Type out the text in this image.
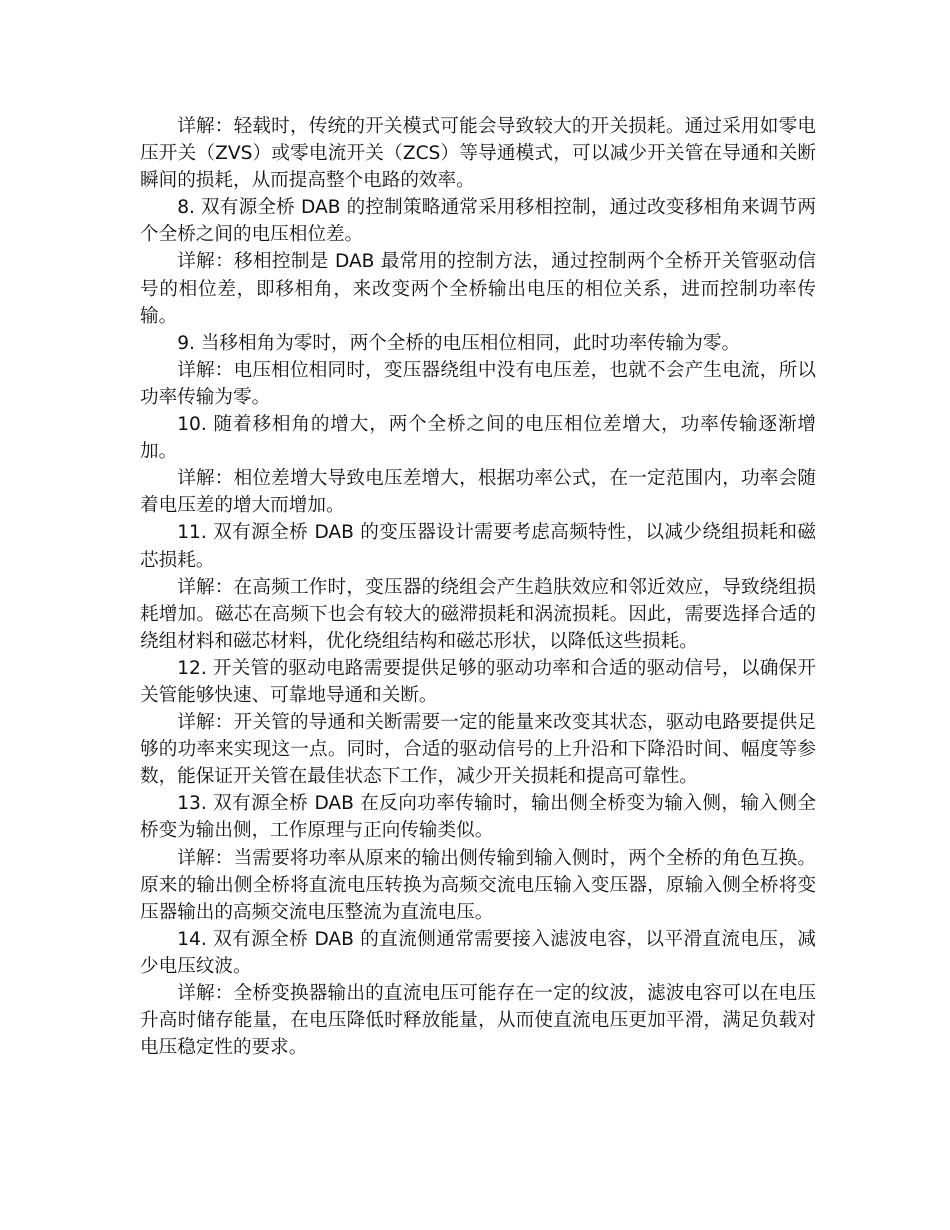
详解：轻载时，传统的开关模式可能会导致较大的开关损耗。通过采用如零电压开关（ZVS）或零电流开关（ZCS）等导通模式，可以减少开关管在导通和关断瞬间的损耗，从而提高整个电路的效率。

8. 双有源全桥 DAB 的控制策略通常采用移相控制，通过改变移相角来调节两个全桥之间的电压相位差。

详解：移相控制是 DAB 最常用的控制方法，通过控制两个全桥开关管驱动信号的相位差，即移相角，来改变两个全桥输出电压的相位关系，进而控制功率传输。

9. 当移相角为零时，两个全桥的电压相位相同，此时功率传输为零。

详解：电压相位相同时，变压器绕组中没有电压差，也就不会产生电流，所以功率传输为零。

10. 随着移相角的增大，两个全桥之间的电压相位差增大，功率传输逐渐增加。

详解：相位差增大导致电压差增大，根据功率公式，在一定范围内，功率会随着电压差的增大而增加。

11. 双有源全桥 DAB 的变压器设计需要考虑高频特性，以减少绕组损耗和磁芯损耗。

详解：在高频工作时，变压器的绕组会产生趋肤效应和邻近效应，导致绕组损耗增加。磁芯在高频下也会有较大的磁滞损耗和涡流损耗。因此，需要选择合适的绕组材料和磁芯材料，优化绕组结构和磁芯形状，以降低这些损耗。

12. 开关管的驱动电路需要提供足够的驱动功率和合适的驱动信号，以确保开关管能够快速、可靠地导通和关断。

详解：开关管的导通和关断需要一定的能量来改变其状态，驱动电路要提供足够的功率来实现这一点。同时，合适的驱动信号的上升沿和下降沿时间、幅度等参数，能保证开关管在最佳状态下工作，减少开关损耗和提高可靠性。

13. 双有源全桥 DAB 在反向功率传输时，输出侧全桥变为输入侧，输入侧全桥变为输出侧，工作原理与正向传输类似。

详解：当需要将功率从原来的输出侧传输到输入侧时，两个全桥的角色互换。原来的输出侧全桥将直流电压转换为高频交流电压输入变压器，原输入侧全桥将变压器输出的高频交流电压整流为直流电压。

14. 双有源全桥 DAB 的直流侧通常需要接入滤波电容，以平滑直流电压，减少电压纹波。

详解：全桥变换器输出的直流电压可能存在一定的纹波，滤波电容可以在电压升高时储存能量，在电压降低时释放能量，从而使直流电压更加平滑，满足负载对电压稳定性的要求。
